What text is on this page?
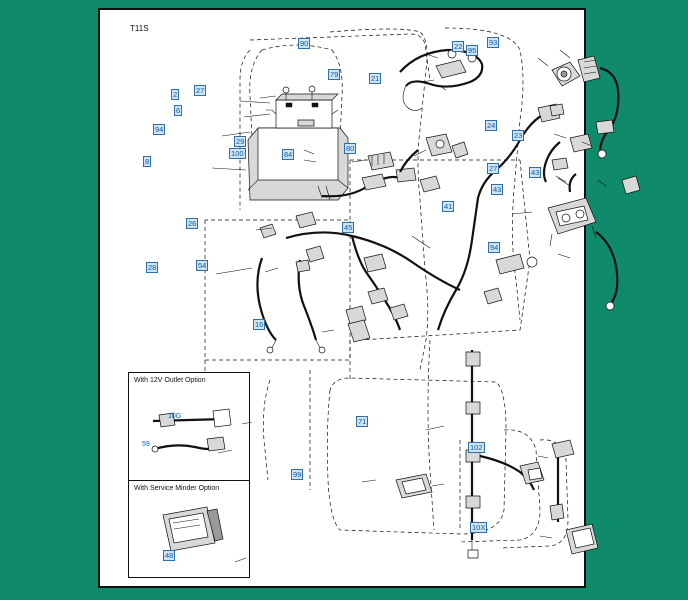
T11S
With 12V Outlet Option
With Service Minder Option
90	22 95
93
79	21
2	27
6
24
94
23
29
80
100	84
8
27	43
43
41
26	45
94
28	54
16
71
102
10G
59
99
10X
48
